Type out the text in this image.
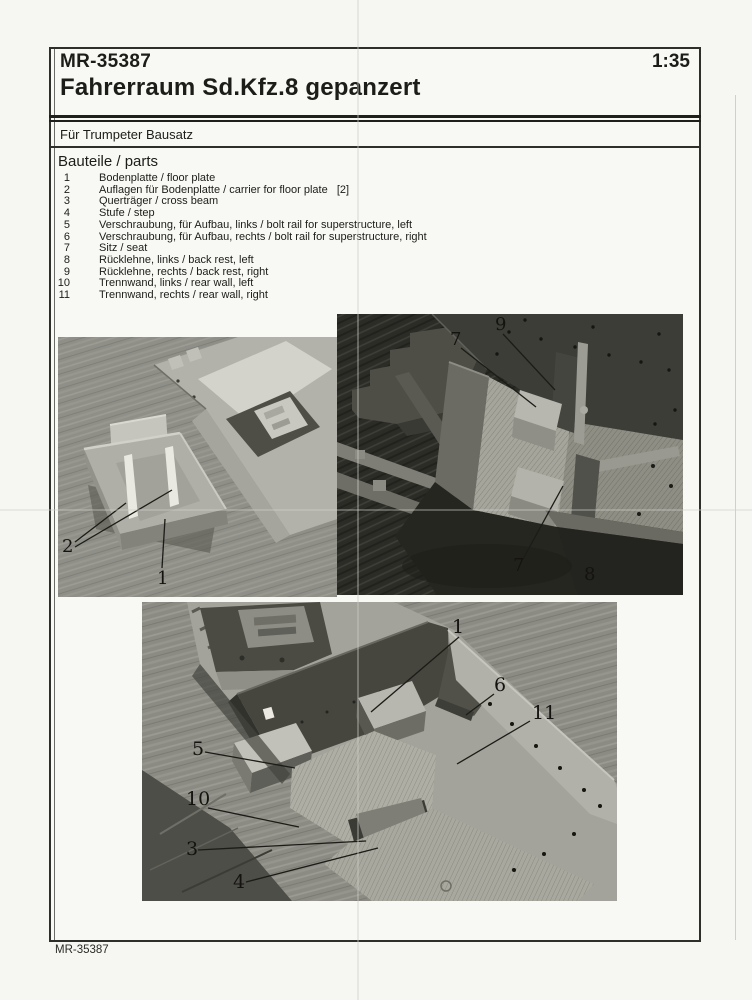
MR-35387	1:35
Fahrerraum Sd.Kfz.8 gepanzert
Für Trumpeter Bausatz
Bauteile / parts
1	Bodenplatte / floor plate
2	Auflagen für Bodenplatte / carrier for floor plate   [2]
3	Querträger / cross beam
4	Stufe / step
5	Verschraubung, für Aufbau, links / bolt rail for superstructure, left
6	Verschraubung, für Aufbau, rechts / bolt rail for superstructure, right
7	Sitz / seat
8	Rücklehne, links / back rest, left
9	Rücklehne, rechts / back rest, right
10	Trennwand, links / rear wall, left
11	Trennwand, rechts / rear wall, right
2
1
9
7
7	8
1
6
11
5
10
3
4
MR-35387
